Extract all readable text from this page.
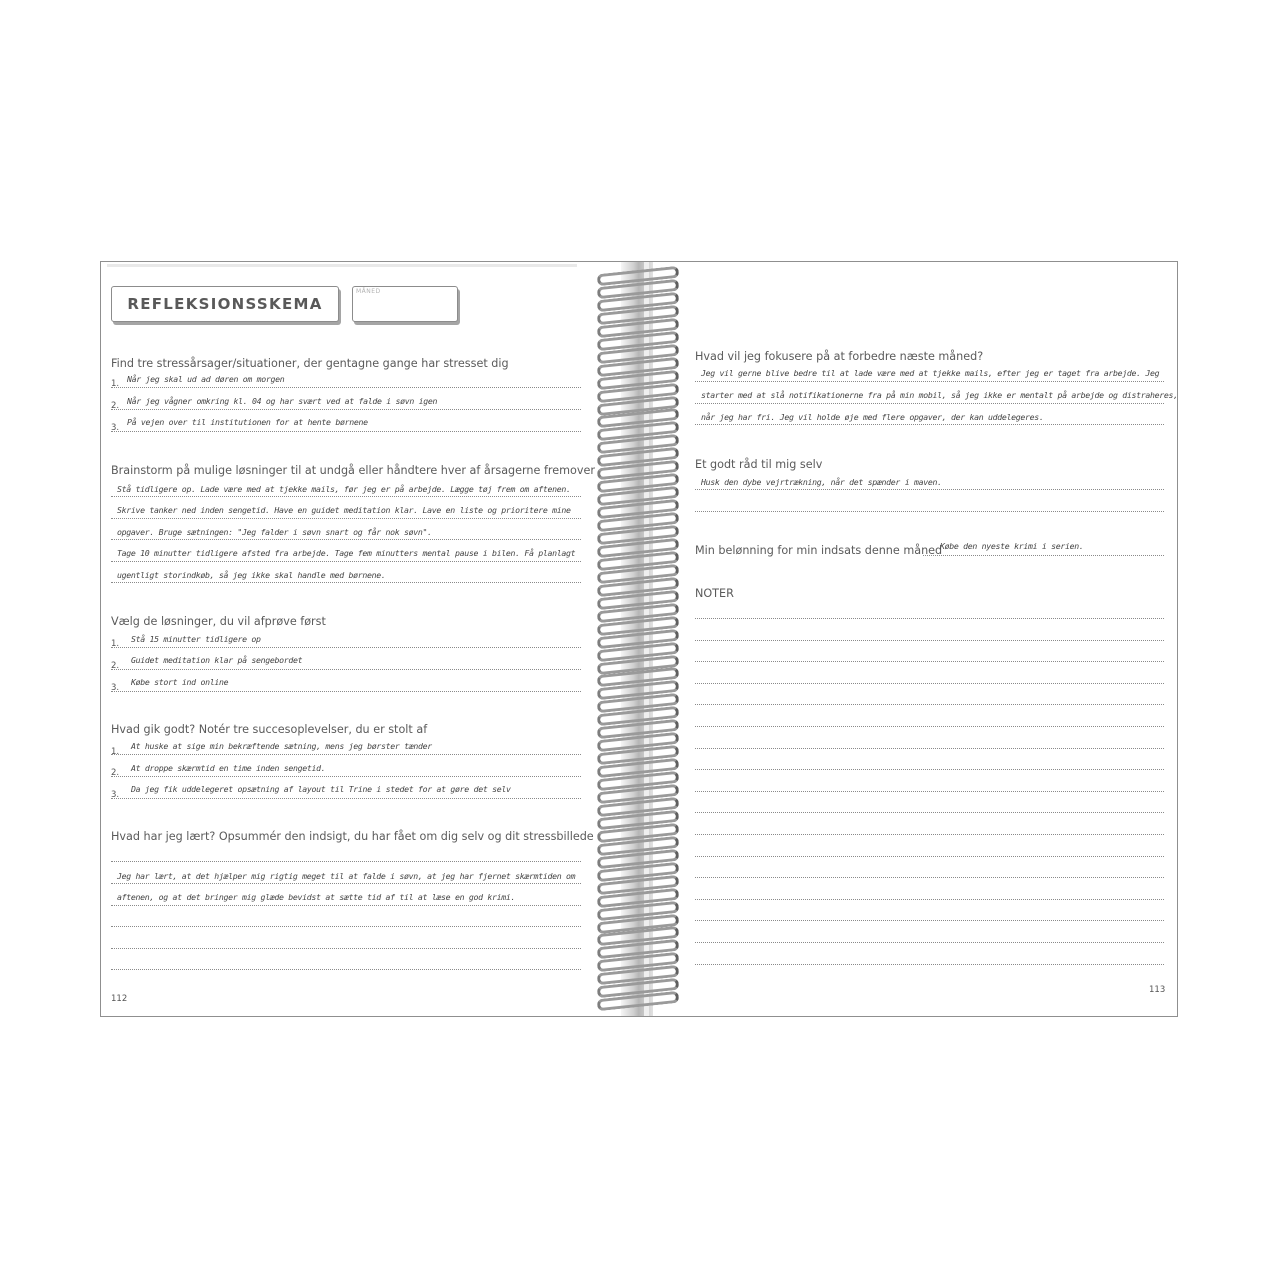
REFLEKSIONSSKEMA
MÅNED
Find tre stressårsager/situationer, der gentagne gange har stresset dig
1. Når jeg skal ud ad døren om morgen
2. Når jeg vågner omkring kl. 04 og har svært ved at falde i søvn igen
3.
På vejen over til institutionen for at hente børnene
Brainstorm på mulige løsninger til at undgå eller håndtere hver af årsagerne fremover
Stå tidligere op. Lade være med at tjekke mails, før jeg er på arbejde. Lægge tøj frem om aftenen.
Skrive tanker ned inden sengetid. Have en guidet meditation klar. Lave en liste og prioritere mine
opgaver. Bruge sætningen: "Jeg falder i søvn snart og får nok søvn".
Tage 10 minutter tidligere afsted fra arbejde. Tage fem minutters mental pause i bilen. Få planlagt
ugentligt storindkøb, så jeg ikke skal handle med børnene.
Vælg de løsninger, du vil afprøve først
1. Stå 15 minutter tidligere op
2.
Guidet meditation klar på sengebordet
3.
Købe stort ind online
Hvad gik godt? Notér tre succesoplevelser, du er stolt af
1.
At huske at sige min bekræftende sætning, mens jeg børster tænder
2. At droppe skærmtid en time inden sengetid.
3.
Da jeg fik uddelegeret opsætning af layout til Trine i stedet for at gøre det selv
Hvad har jeg lært? Opsummér den indsigt, du har fået om dig selv og dit stressbillede
Jeg har lært, at det hjælper mig rigtig meget til at falde i søvn, at jeg har fjernet skærmtiden om
aftenen, og at det bringer mig glæde bevidst at sætte tid af til at læse en god krimi.
112
Hvad vil jeg fokusere på at forbedre næste måned?
Jeg vil gerne blive bedre til at lade være med at tjekke mails, efter jeg er taget fra arbejde. Jeg
starter med at slå notifikationerne fra på min mobil, så jeg ikke er mentalt på arbejde og distraheres,
når jeg har fri. Jeg vil holde øje med flere opgaver, der kan uddelegeres.
Et godt råd til mig selv
Husk den dybe vejrtrækning, når det spænder i maven.
Min belønning for min indsats denne måned
Købe den nyeste krimi i serien.
NOTER
113
